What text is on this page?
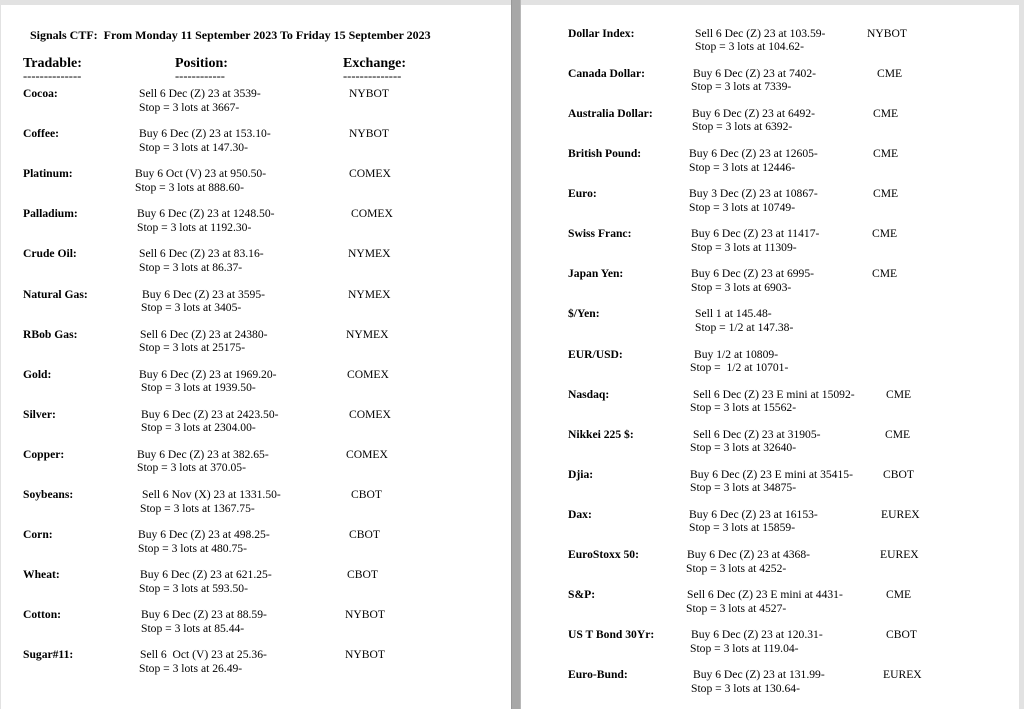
Signals CTF:  From Monday 11 September 2023 To Friday 15 September 2023
Tradable:	Position:	Exchange:
--------------	------------	--------------
Cocoa:	Sell 6 Dec (Z) 23 at 3539-
Stop = 3 lots at 3667-
NYBOT
Coffee:	Buy 6 Dec (Z) 23 at 153.10-
Stop = 3 lots at 147.30-
NYBOT
Platinum:	Buy 6 Oct (V) 23 at 950.50-
Stop = 3 lots at 888.60-
COMEX
Palladium:	Buy 6 Dec (Z) 23 at 1248.50-
Stop = 3 lots at 1192.30-
COMEX
Crude Oil:	Sell 6 Dec (Z) 23 at 83.16-
Stop = 3 lots at 86.37-
NYMEX
Natural Gas:	Buy 6 Dec (Z) 23 at 3595-
Stop = 3 lots at 3405-
NYMEX
RBob Gas:	Sell 6 Dec (Z) 23 at 24380-
Stop = 3 lots at 25175-
NYMEX
Gold:	Buy 6 Dec (Z) 23 at 1969.20-
Stop = 3 lots at 1939.50-
COMEX
Silver:	Buy 6 Dec (Z) 23 at 2423.50-
Stop = 3 lots at 2304.00-
COMEX
Copper:	Buy 6 Dec (Z) 23 at 382.65-
Stop = 3 lots at 370.05-
COMEX
Soybeans:	Sell 6 Nov (X) 23 at 1331.50-
Stop = 3 lots at 1367.75-
CBOT
Corn:	Buy 6 Dec (Z) 23 at 498.25-
Stop = 3 lots at 480.75-
CBOT
Wheat:	Buy 6 Dec (Z) 23 at 621.25-
Stop = 3 lots at 593.50-
CBOT
Cotton:	Buy 6 Dec (Z) 23 at 88.59-
Stop = 3 lots at 85.44-
NYBOT
Sugar#11:	Sell 6  Oct (V) 23 at 25.36-
Stop = 3 lots at 26.49-
NYBOT
Dollar Index:	Sell 6 Dec (Z) 23 at 103.59-
Stop = 3 lots at 104.62-
NYBOT
Canada Dollar:	Buy 6 Dec (Z) 23 at 7402-
Stop = 3 lots at 7339-
CME
Australia Dollar:	Buy 6 Dec (Z) 23 at 6492-
Stop = 3 lots at 6392-
CME
British Pound:	Buy 6 Dec (Z) 23 at 12605-
Stop = 3 lots at 12446-
CME
Euro:	Buy 3 Dec (Z) 23 at 10867-
Stop = 3 lots at 10749-
CME
Swiss Franc:	Buy 6 Dec (Z) 23 at 11417-
Stop = 3 lots at 11309-
CME
Japan Yen:	Buy 6 Dec (Z) 23 at 6995-
Stop = 3 lots at 6903-
CME
$/Yen:	Sell 1 at 145.48-
Stop = 1/2 at 147.38-
EUR/USD:	Buy 1/2 at 10809-
Stop =  1/2 at 10701-
Nasdaq:	Sell 6 Dec (Z) 23 E mini at 15092-
Stop = 3 lots at 15562-
CME
Nikkei 225 $:	Sell 6 Dec (Z) 23 at 31905-
Stop = 3 lots at 32640-
CME
Djia:	Buy 6 Dec (Z) 23 E mini at 35415-
Stop = 3 lots at 34875-
CBOT
Dax:	Buy 6 Dec (Z) 23 at 16153-
Stop = 3 lots at 15859-
EUREX
EuroStoxx 50:	Buy 6 Dec (Z) 23 at 4368-
Stop = 3 lots at 4252-
EUREX
S&P:	Sell 6 Dec (Z) 23 E mini at 4431-
Stop = 3 lots at 4527-
CME
US T Bond 30Yr:	Buy 6 Dec (Z) 23 at 120.31-
Stop = 3 lots at 119.04-
CBOT
Euro-Bund:	Buy 6 Dec (Z) 23 at 131.99-
Stop = 3 lots at 130.64-
EUREX
